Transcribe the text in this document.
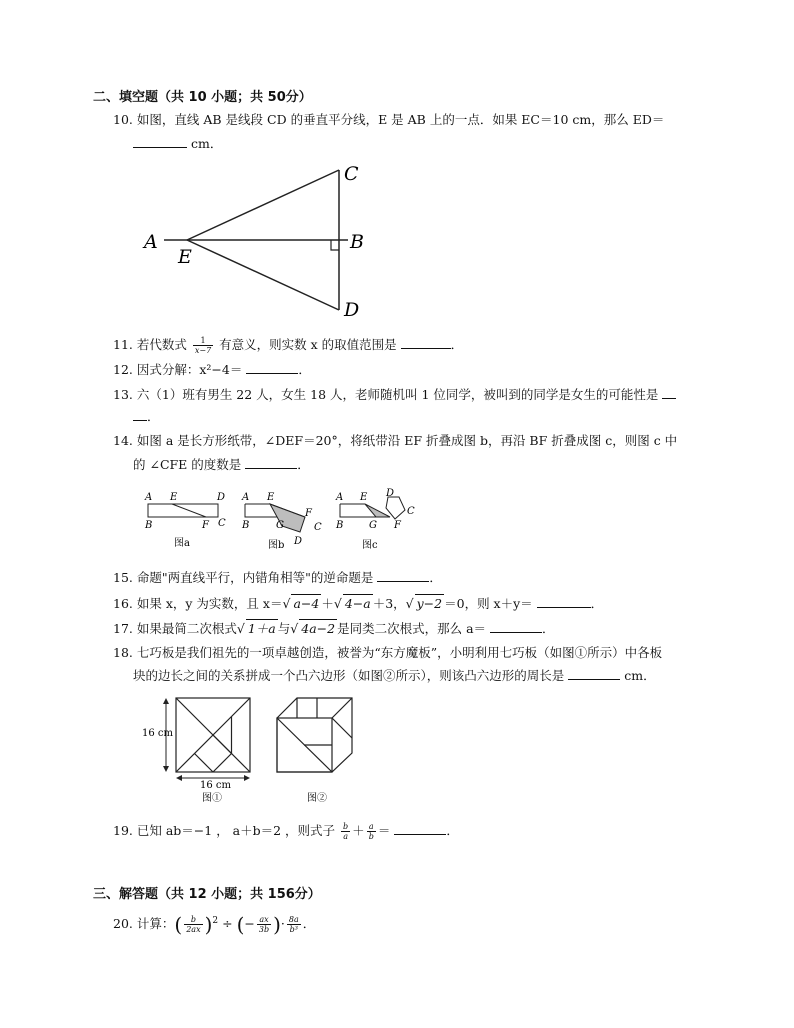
二、填空题（共 10 小题；共 50分）
10. 如图，直线 AB 是线段 CD 的垂直平分线，E 是 AB 上的一点．如果 EC＝10 cm，那么 ED＝
cm．
A	B
C
D
E
11. 若代数式 $\frac{1}{x-7}$ 有意义，则实数 x 的取值范围是	．
12. 因式分解：x²−4＝	．
13. 六（1）班有男生 22 人，女生 18 人，老师随机叫 1 位同学，被叫到的同学是女生的可能性是
．
14. 如图 a 是长方形纸带，∠DEF＝20°，将纸带沿 EF 折叠成图 b，再沿 BF 折叠成图 c，则图 c 中
的 ∠CFE 的度数是	．
A E	D
B	F C
图a
A E
B	G
F
C
D
图b
A E D
B	G F
C
图c
15. 命题"两直线平行，内错角相等"的逆命题是	．
16. 如果 x，y 为实数，且 x＝√ a−4 ＋√ 4−a ＋3，√ y−2 ＝0，则 x＋y＝	．
17. 如果最简二次根式√ 1＋a 与√ 4a−2 是同类二次根式，那么 a＝	．
18. 七巧板是我们祖先的一项卓越创造，被誉为“东方魔板”，小明利用七巧板（如图①所示）中各板
块的边长之间的关系拼成一个凸六边形（如图②所示），则该凸六边形的周长是	cm．
16 cm
16 cm
图①	图②
19. 已知 ab＝−1 ， a＋b＝2 ，则式子 $\frac{b}{a} + \frac{a}{b}$ ＝	．
三、解答题（共 12 小题；共 156分）
20. 计算：( $\frac{b}{2ax} )^2$ ÷ (− $\frac{ax}{3b}$ )· $\frac{8a}{\text{b³}}$ ．
